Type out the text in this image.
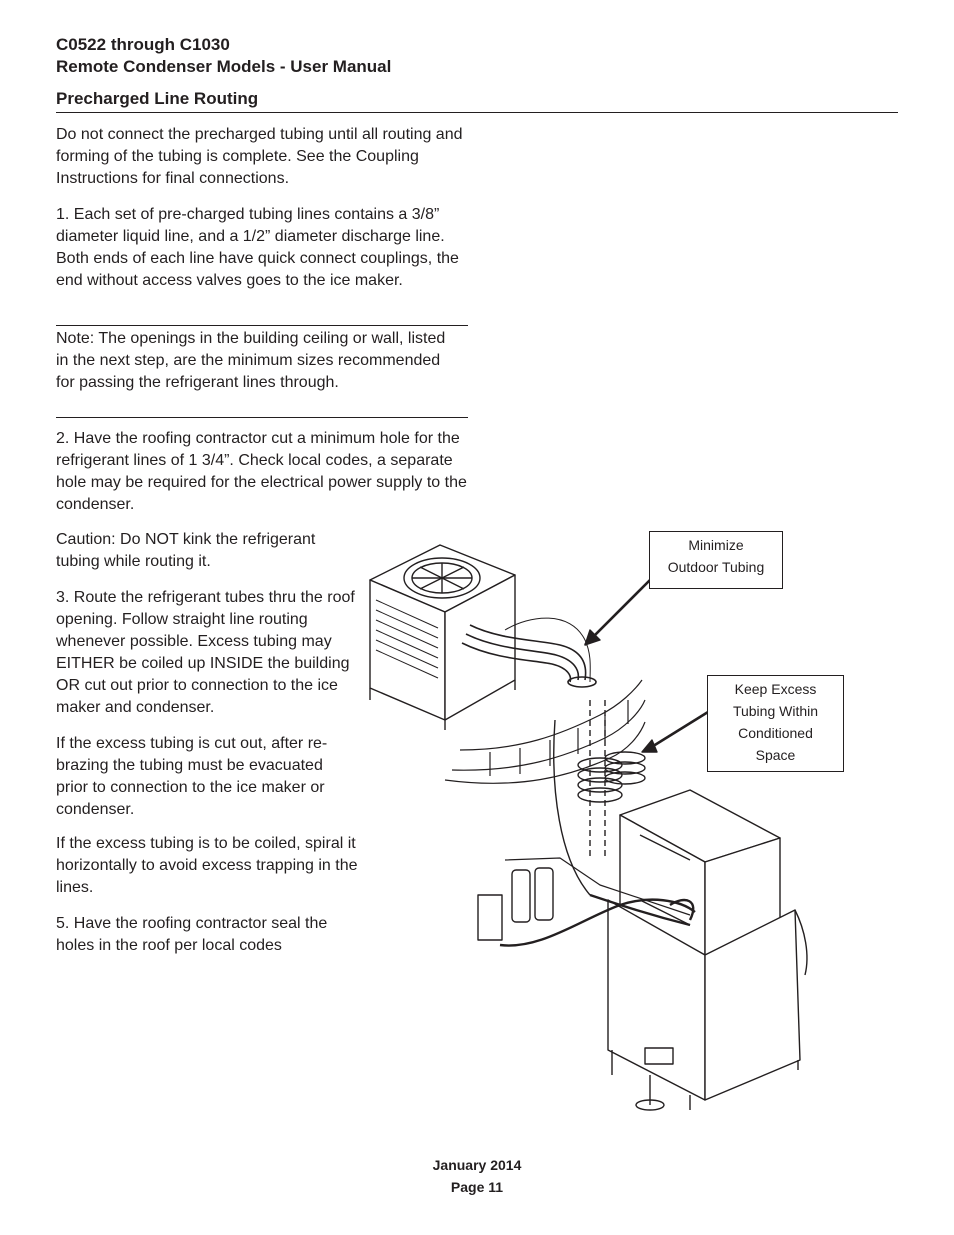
C0522 through C1030
Remote Condenser Models - User Manual
Precharged Line Routing

Do not connect the precharged tubing until all routing and forming of the tubing is complete. See the Coupling Instructions for final connections.

1. Each set of pre-charged tubing lines contains a 3/8” diameter liquid line, and a 1/2” diameter discharge line. Both ends of each line have quick connect couplings, the end without access valves goes to the ice maker.

Note: The openings in the building ceiling or wall, listed in the next step, are the minimum sizes recommended for passing the refrigerant lines through.

2. Have the roofing contractor cut a minimum hole for the refrigerant lines of 1 3/4”. Check local codes, a separate hole may be required for the electrical power supply to the condenser.

Caution: Do NOT kink the refrigerant tubing while routing it.

3. Route the refrigerant tubes thru the roof opening. Follow straight line routing whenever possible. Excess tubing may EITHER be coiled up INSIDE the building OR cut out prior to connection to the ice maker and condenser.

If the excess tubing is cut out, after re-brazing the tubing must be evacuated prior to connection to the ice maker or condenser.

If the excess tubing is to be coiled, spiral it horizontally to avoid excess trapping in the lines.

5. Have the roofing contractor seal the holes in the roof per local codes

Minimize
Outdoor Tubing
Keep Excess
Tubing Within
Conditioned
Space
January 2014
Page 11
